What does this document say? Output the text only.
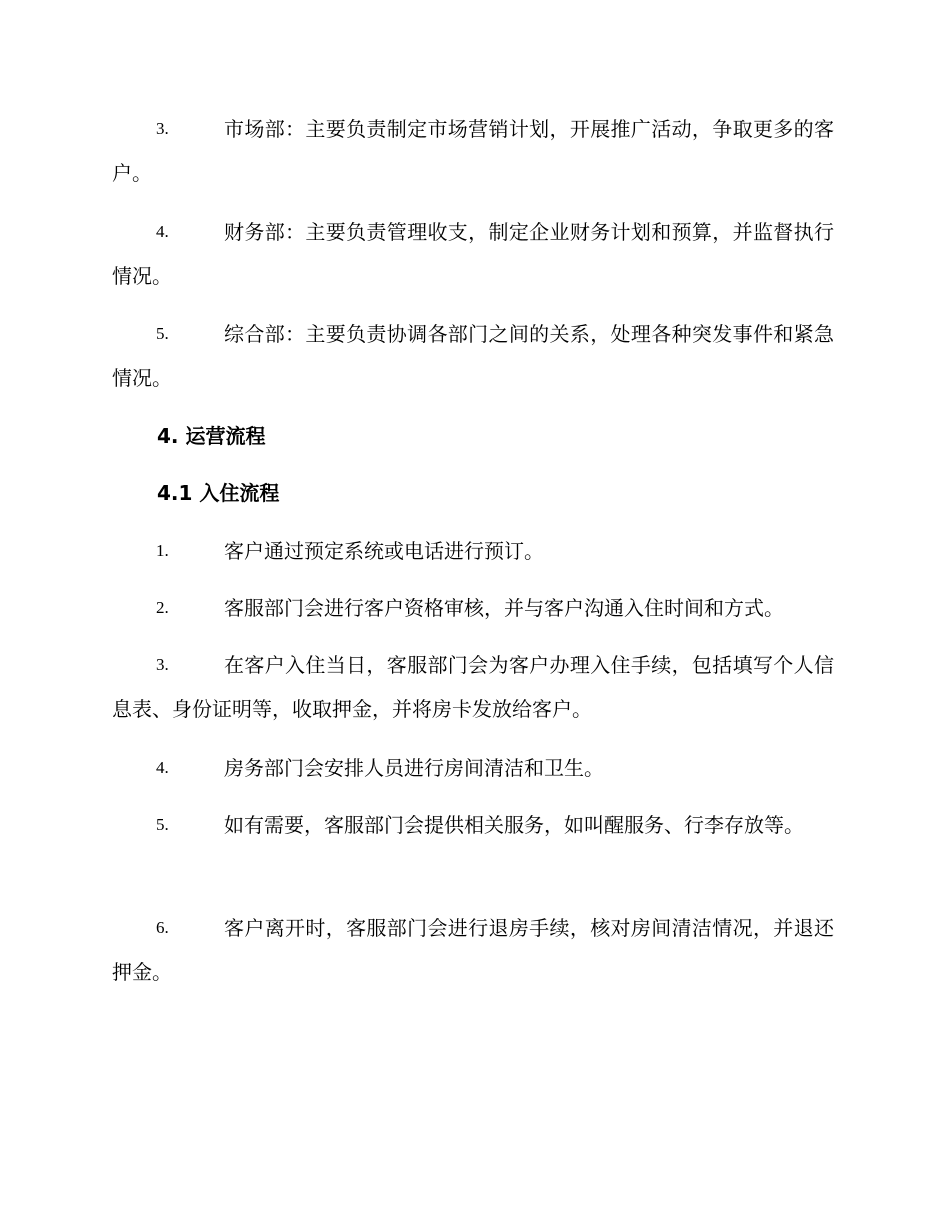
3.	市场部：主要负责制定市场营销计划，开展推广活动，争取更多的客户。
4.	财务部：主要负责管理收支，制定企业财务计划和预算，并监督执行情况。
5.	综合部：主要负责协调各部门之间的关系，处理各种突发事件和紧急情况。
4. 运营流程
4.1 入住流程
1.	客户通过预定系统或电话进行预订。
2.	客服部门会进行客户资格审核，并与客户沟通入住时间和方式。
3.	在客户入住当日，客服部门会为客户办理入住手续，包括填写个人信息表、身份证明等，收取押金，并将房卡发放给客户。
4.	房务部门会安排人员进行房间清洁和卫生。
5.	如有需要，客服部门会提供相关服务，如叫醒服务、行李存放等。
6.	客户离开时，客服部门会进行退房手续，核对房间清洁情况，并退还押金。
